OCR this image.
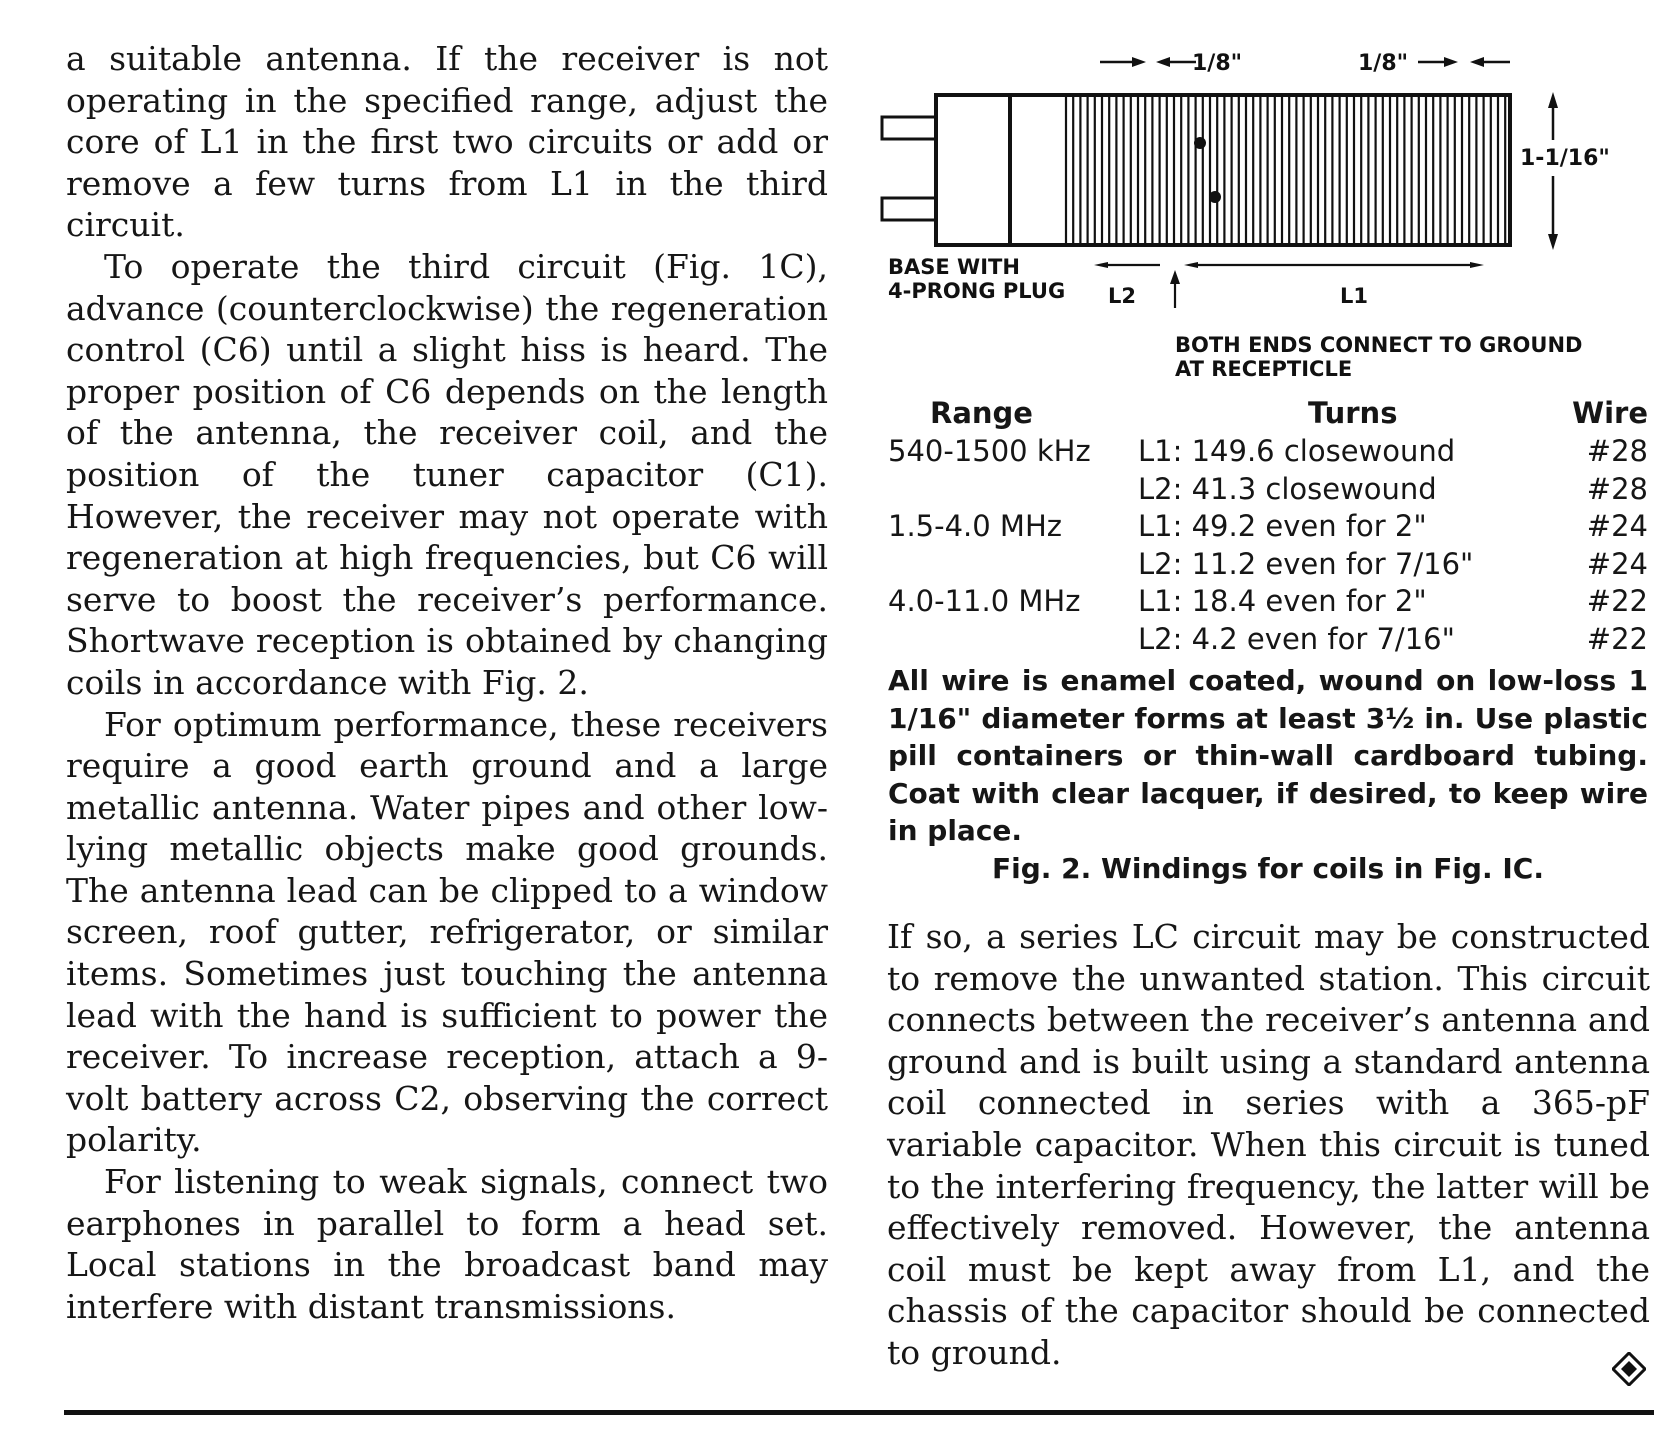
a suitable antenna. If the receiver is not operating in the specified range, adjust the core of L1 in the first two circuits or add or remove a few turns from L1 in the third circuit.

To operate the third circuit (Fig. 1C), advance (counterclockwise) the regeneration control (C6) until a slight hiss is heard. The proper position of C6 depends on the length of the antenna, the receiver coil, and the position of the tuner capacitor (C1). However, the receiver may not operate with regeneration at high frequencies, but C6 will serve to boost the receiver’s performance. Shortwave reception is obtained by changing coils in accordance with Fig. 2.

For optimum performance, these receivers require a good earth ground and a large metallic antenna. Water pipes and other low-lying metallic objects make good grounds. The antenna lead can be clipped to a window screen, roof gutter, refrigerator, or similar items. Sometimes just touching the antenna lead with the hand is sufficient to power the receiver. To increase reception, attach a 9-volt battery across C2, observing the correct polarity.

For listening to weak signals, connect two earphones in parallel to form a head set. Local stations in the broadcast band may interfere with distant transmissions.

1/8"	1/8"
1-1/16"
BASE WITH
4-PRONG PLUG L2	L1
BOTH ENDS CONNECT TO GROUND
AT RECEPTICLE
Range	Turns	Wire
540-1500 kHz L1: 149.6 closewound	#28
L2: 41.3 closewound	#28
1.5-4.0 MHz	L1: 49.2 even for 2"	#24
L2: 11.2 even for 7/16"	#24
4.0-11.0 MHz L1: 18.4 even for 2"	#22
L2: 4.2 even for 7/16"	#22

All wire is enamel coated, wound on low-loss 1 1/16" diameter forms at least 3½ in. Use plastic pill containers or thin-wall cardboard tubing. Coat with clear lacquer, if desired, to keep wire in place.

Fig. 2. Windings for coils in Fig. IC.

If so, a series LC circuit may be constructed to remove the unwanted station. This circuit connects between the receiver’s antenna and ground and is built using a standard antenna coil connected in series with a 365-pF variable capacitor. When this circuit is tuned to the interfering frequency, the latter will be effectively removed. However, the antenna coil must be kept away from L1, and the chassis of the capacitor should be connected to ground.
